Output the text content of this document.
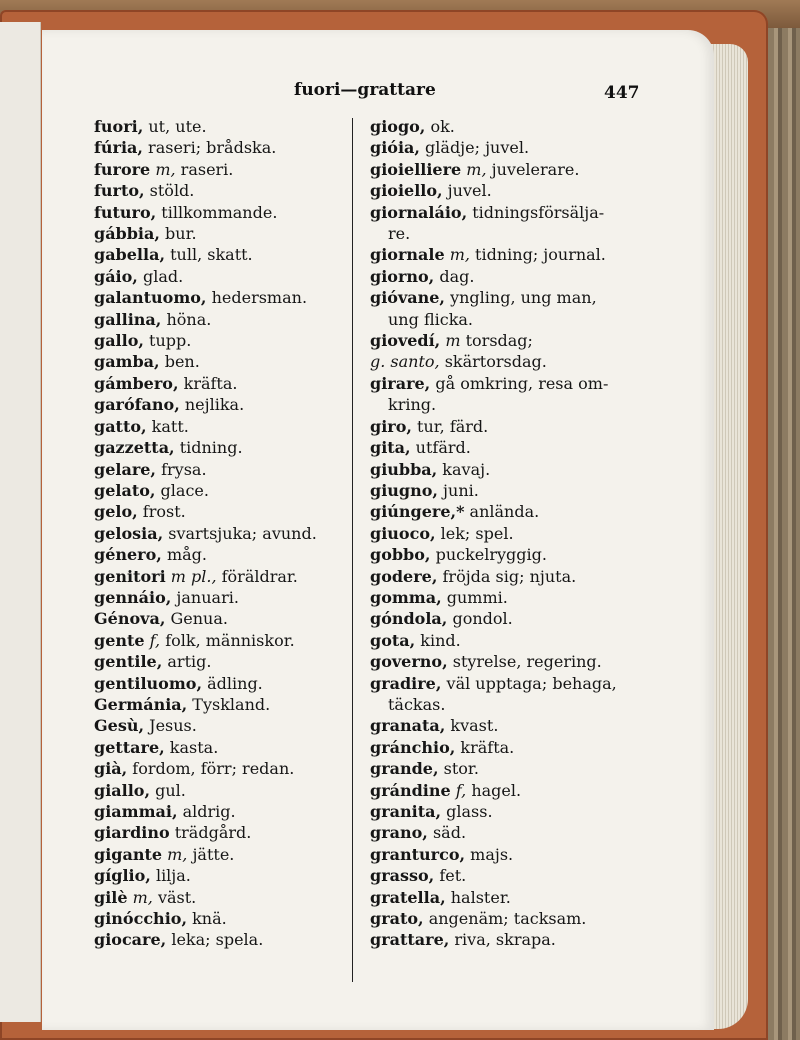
fuori—grattare	447
fuori, ut, ute.
fúria, raseri; brådska.
furore m, raseri.
furto, stöld.
futuro, tillkommande.
gábbia, bur.
gabella, tull, skatt.
gáio, glad.
galantuomo, hedersman.
gallina, höna.
gallo, tupp.
gamba, ben.
gámbero, kräfta.
garófano, nejlika.
gatto, katt.
gazzetta, tidning.
gelare, frysa.
gelato, glace.
gelo, frost.
gelosia, svartsjuka; avund.
género, måg.
genitori m pl., föräldrar.
gennáio, januari.
Génova, Genua.
gente f, folk, människor.
gentile, artig.
gentiluomo, ädling.
Germánia, Tyskland.
Gesù, Jesus.
gettare, kasta.
già, fordom, förr; redan.
giallo, gul.
giammai, aldrig.
giardino trädgård.
gigante m, jätte.
gíglio, lilja.
gilè m, väst.
ginócchio, knä.
giocare, leka; spela.
giogo, ok.
gióia, glädje; juvel.
gioielliere m, juvelerare.
gioiello, juvel.
giornaláio, tidningsförsälja-
re.
giornale m, tidning; journal.
giorno, dag.
gióvane, yngling, ung man,
ung flicka.
giovedí, m torsdag;
g. santo, skärtorsdag.
girare, gå omkring, resa om-
kring.
giro, tur, färd.
gita, utfärd.
giubba, kavaj.
giugno, juni.
giúngere,* anlända.
giuoco, lek; spel.
gobbo, puckelryggig.
godere, fröjda sig; njuta.
gomma, gummi.
góndola, gondol.
gota, kind.
governo, styrelse, regering.
gradire, väl upptaga; behaga,
täckas.
granata, kvast.
gránchio, kräfta.
grande, stor.
grándine f, hagel.
granita, glass.
grano, säd.
granturco, majs.
grasso, fet.
gratella, halster.
grato, angenäm; tacksam.
grattare, riva, skrapa.
